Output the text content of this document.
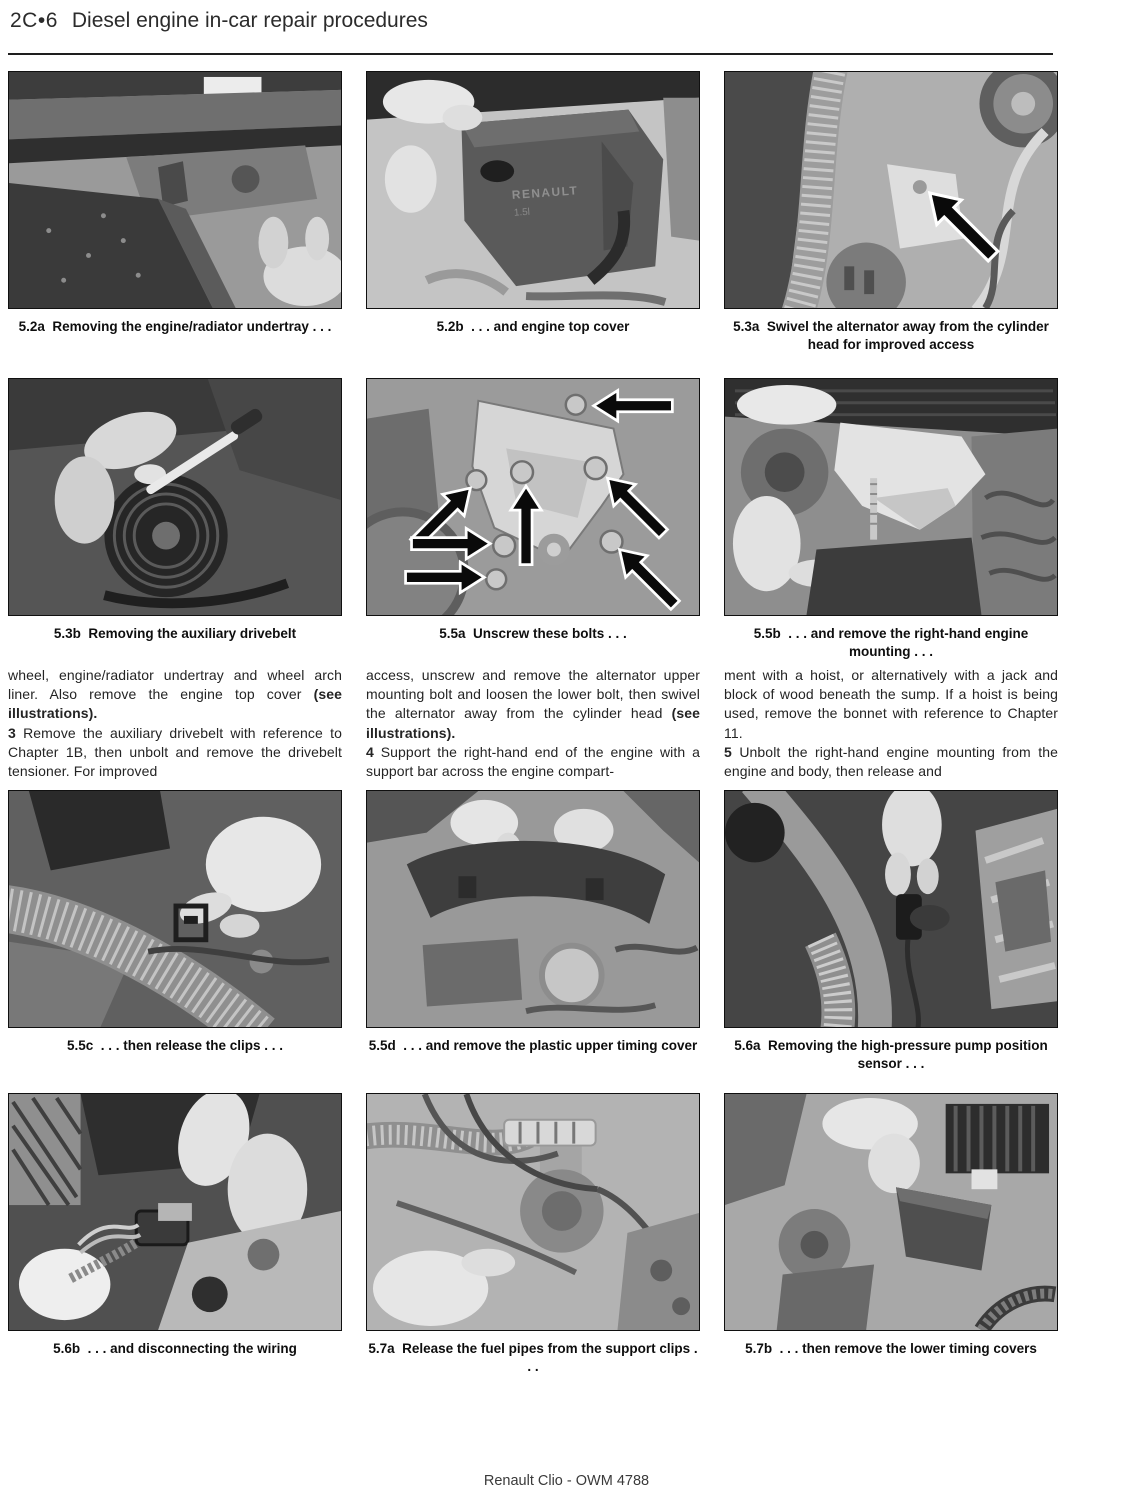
2C•6 Diesel engine in-car repair procedures
5.2a  Removing the engine/radiator undertray . . .
RENAULT
1.5l
5.2b  . . . and engine top cover	5.3a  Swivel the alternator away from the cylinder head for improved access
5.3b  Removing the auxiliary drivebelt	5.5a  Unscrew these bolts . . .	5.5b  . . . and remove the right-hand engine mounting . . .

wheel, engine/radiator undertray and wheel arch liner. Also remove the engine top cover (see illustrations).

3 Remove the auxiliary drivebelt with reference to Chapter 1B, then unbolt and remove the drivebelt tensioner. For improved

access, unscrew and remove the alternator upper mounting bolt and loosen the lower bolt, then swivel the alternator away from the cylinder head (see illustrations).

4 Support the right-hand end of the engine with a support bar across the engine compart-

ment with a hoist, or alternatively with a jack and block of wood beneath the sump. If a hoist is being used, remove the bonnet with reference to Chapter 11.

5 Unbolt the right-hand engine mounting from the engine and body, then release and

5.5c  . . . then release the clips . . .	5.5d  . . . and remove the plastic upper timing cover	5.6a  Removing the high-pressure pump position sensor . . .
5.6b  . . . and disconnecting the wiring	5.7a  Release the fuel pipes from the support clips . . .
5.7b  . . . then remove the lower timing covers
Renault Clio - OWM 4788
